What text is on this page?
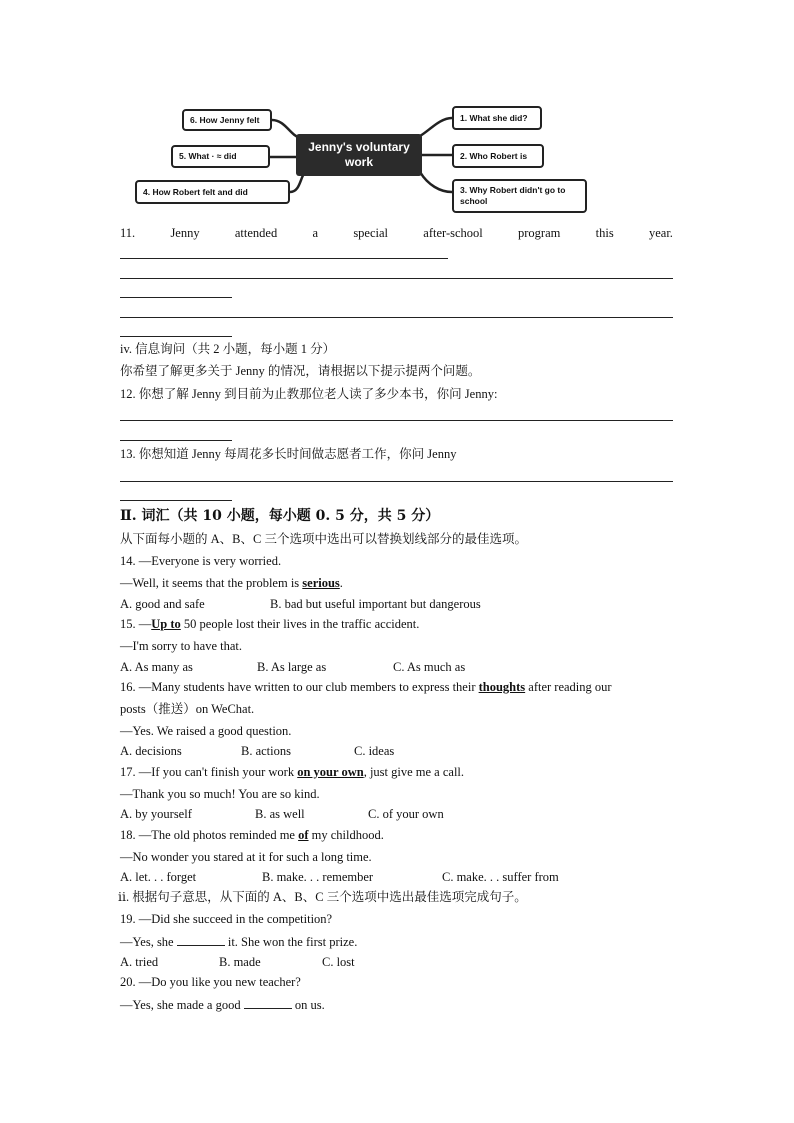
Jenny's voluntary
work
6. How Jenny felt
5. What · ≈ did
4. How Robert felt and did
1. What she did?
2. Who Robert is
3. Why Robert didn't go to
school
11.	Jenny	attended	a	special	after-school	program	this	year.
iv. 信息询问（共 2 小题，每小题 1 分）
你希望了解更多关于 Jenny 的情况，请根据以下提示提两个问题。
12. 你想了解 Jenny 到目前为止教那位老人读了多少本书，你问 Jenny:
13. 你想知道 Jenny 每周花多长时间做志愿者工作，你问 Jenny
Ⅱ. 词汇（共 10 小题，每小题 0. 5 分，共 5 分）
从下面每小题的 A、B、C 三个选项中选出可以替换划线部分的最佳选项。
14. —Everyone is very worried.
—Well, it seems that the problem is serious.
A. good and safe	B. bad but useful important but dangerous
15. —Up to 50 people lost their lives in the traffic accident.
—I'm sorry to have that.
A. As many as	B. As large as	C. As much as
16. —Many students have written to our club members to express their thoughts after reading our
posts（推送）on WeChat.
—Yes. We raised a good question.
A. decisions	B. actions	C. ideas
17. —If you can't finish your work on your own, just give me a call.
—Thank you so much! You are so kind.
A. by yourself	B. as well	C. of your own
18. —The old photos reminded me of my childhood.
—No wonder you stared at it for such a long time.
A. let. . . forget	B. make. . . remember	C. make. . . suffer from
ⅱ. 根据句子意思，从下面的 A、B、C 三个选项中选出最佳选项完成句子。
19. —Did she succeed in the competition?
—Yes, she	it. She won the first prize.
A. tried	B. made	C. lost
20. —Do you like you new teacher?
—Yes, she made a good	on us.
